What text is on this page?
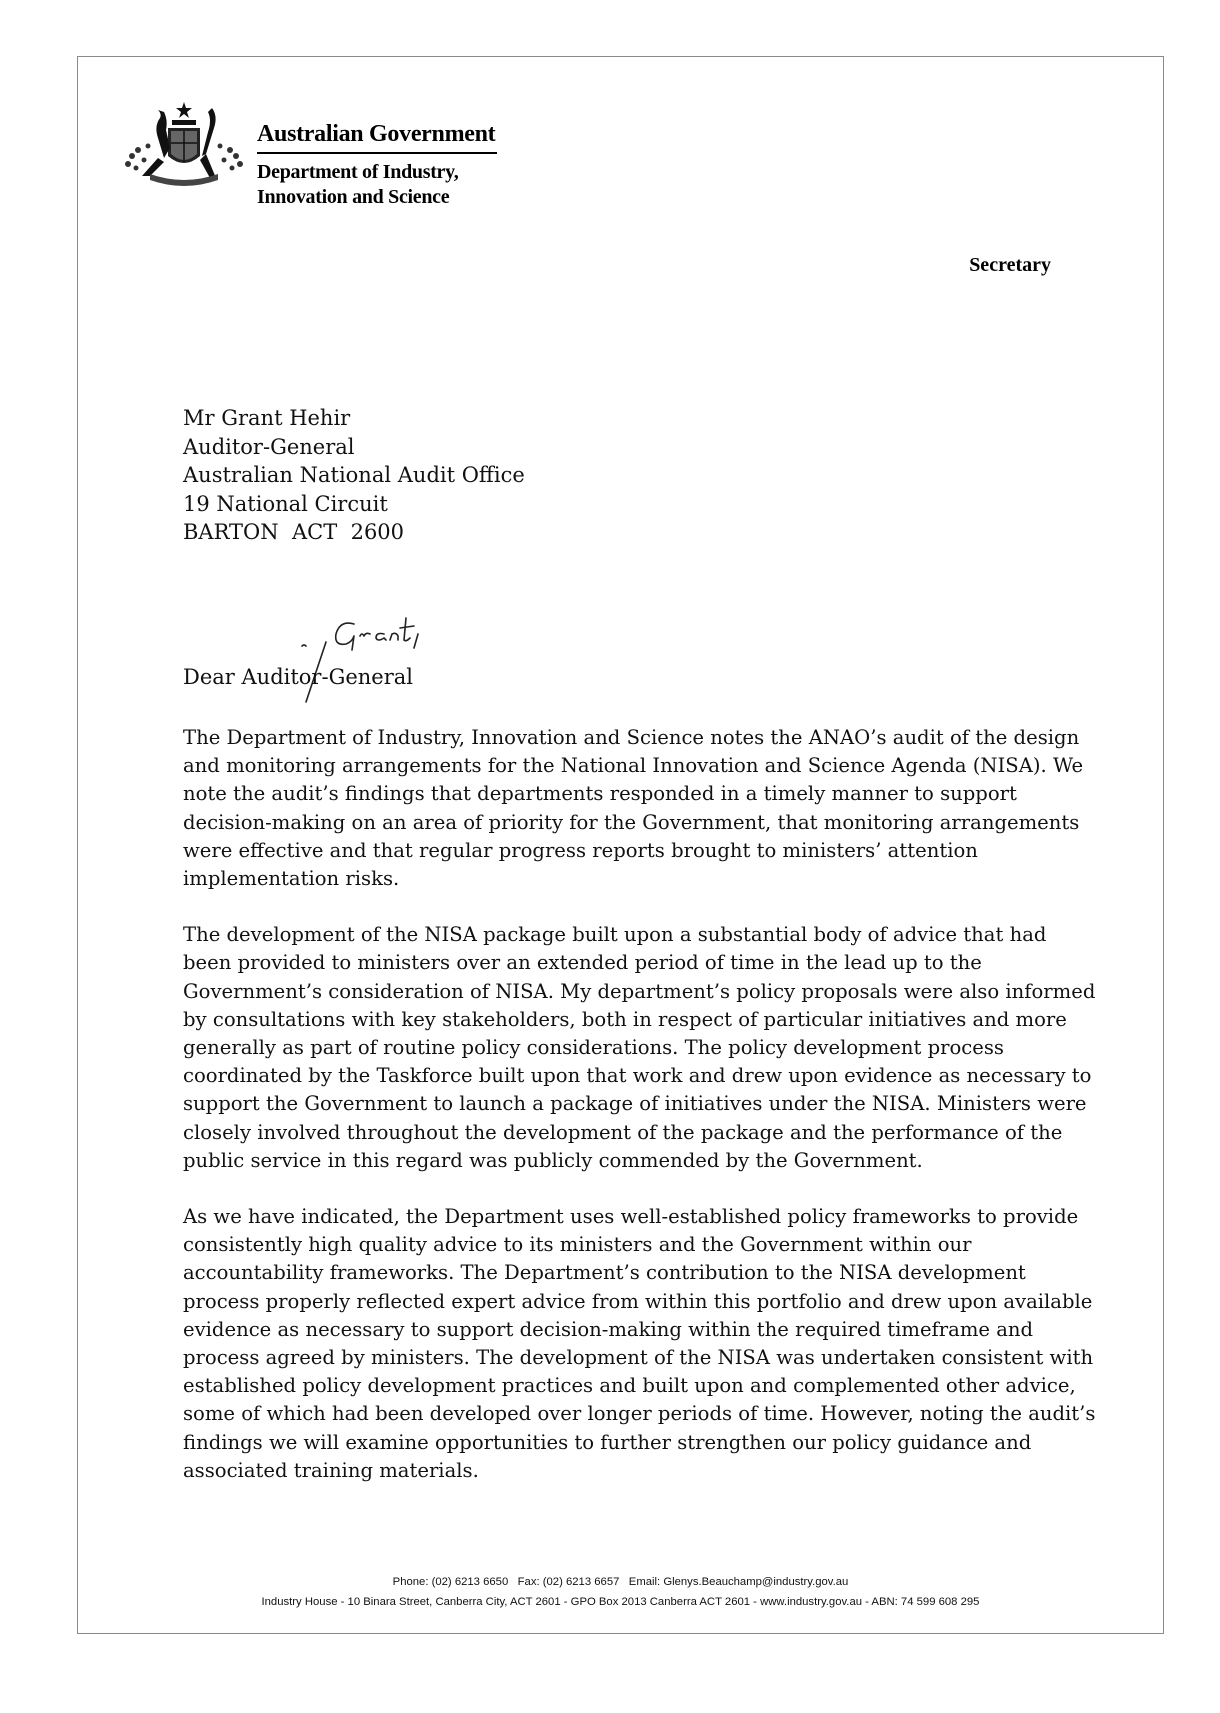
Australian Government
Department of Industry,
Innovation and Science
Secretary
Mr Grant Hehir
Auditor-General
Australian National Audit Office
19 National Circuit
BARTON  ACT  2600
Dear Auditor-General

The Department of Industry, Innovation and Science notes the ANAO’s audit of the design and monitoring arrangements for the National Innovation and Science Agenda (NISA). We note the audit’s findings that departments responded in a timely manner to support decision-making on an area of priority for the Government, that monitoring arrangements were effective and that regular progress reports brought to ministers’ attention implementation risks.

The development of the NISA package built upon a substantial body of advice that had been provided to ministers over an extended period of time in the lead up to the Government’s consideration of NISA. My department’s policy proposals were also informed by consultations with key stakeholders, both in respect of particular initiatives and more generally as part of routine policy considerations. The policy development process coordinated by the Taskforce built upon that work and drew upon evidence as necessary to support the Government to launch a package of initiatives under the NISA. Ministers were closely involved throughout the development of the package and the performance of the public service in this regard was publicly commended by the Government.

As we have indicated, the Department uses well-established policy frameworks to provide consistently high quality advice to its ministers and the Government within our accountability frameworks. The Department’s contribution to the NISA development process properly reflected expert advice from within this portfolio and drew upon available evidence as necessary to support decision-making within the required timeframe and process agreed by ministers. The development of the NISA was undertaken consistent with established policy development practices and built upon and complemented other advice, some of which had been developed over longer periods of time. However, noting the audit’s findings we will examine opportunities to further strengthen our policy guidance and associated training materials.

Phone: (02) 6213 6650   Fax: (02) 6213 6657   Email: Glenys.Beauchamp@industry.gov.au
Industry House - 10 Binara Street, Canberra City, ACT 2601 - GPO Box 2013 Canberra ACT 2601 - www.industry.gov.au - ABN: 74 599 608 295
